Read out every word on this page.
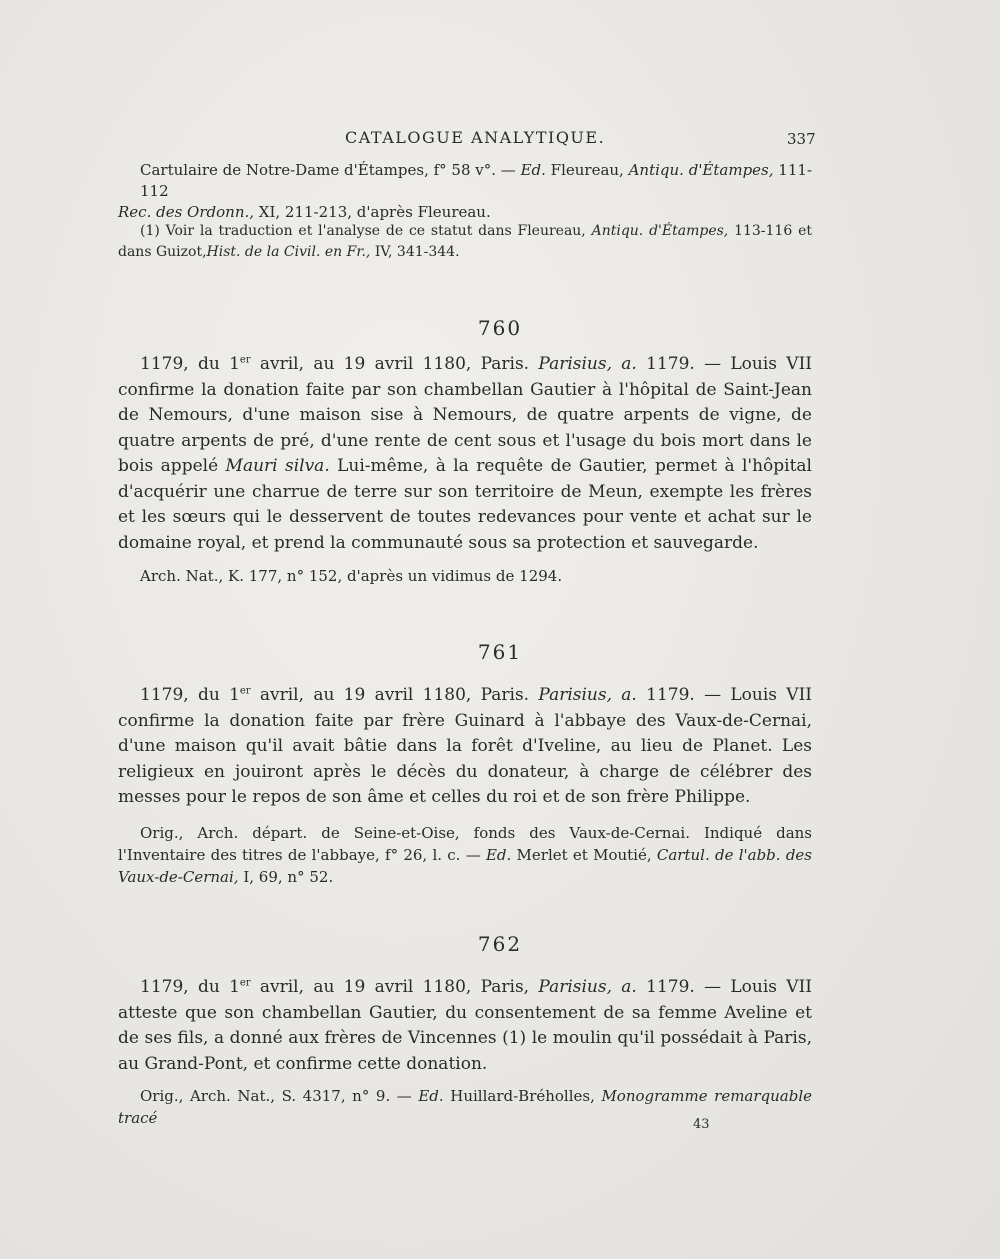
CATALOGUE ANALYTIQUE.	337
Cartulaire de Notre-Dame d'Étampes, f° 58 v°. — Ed. Fleureau, Antiqu. d'Étampes, 111-112
Rec. des Ordonn., XI, 211-213, d'après Fleureau.
(1) Voir la traduction et l'analyse de ce statut dans Fleureau, Antiqu. d'Étampes, 113-116 et dans Guizot,Hist. de la Civil. en Fr., IV, 341-344.
760
1179, du 1er avril, au 19 avril 1180, Paris. Parisius, a. 1179. — Louis VII confirme la donation faite par son chambellan Gautier à l'hôpital de Saint-Jean de Nemours, d'une maison sise à Nemours, de quatre arpents de vigne, de quatre arpents de pré, d'une rente de cent sous et l'usage du bois mort dans le bois appelé Mauri silva. Lui-même, à la requête de Gautier, permet à l'hôpital d'acquérir une charrue de terre sur son territoire de Meun, exempte les frères et les sœurs qui le desservent de toutes redevances pour vente et achat sur le domaine royal, et prend la communauté sous sa protection et sauvegarde.
Arch. Nat., K. 177, n° 152, d'après un vidimus de 1294.
761
1179, du 1er avril, au 19 avril 1180, Paris. Parisius, a. 1179. — Louis VII confirme la donation faite par frère Guinard à l'abbaye des Vaux-de-Cernai, d'une maison qu'il avait bâtie dans la forêt d'Iveline, au lieu de Planet. Les religieux en jouiront après le décès du donateur, à charge de célébrer des messes pour le repos de son âme et celles du roi et de son frère Philippe.
Orig., Arch. départ. de Seine-et-Oise, fonds des Vaux-de-Cernai. Indiqué dans l'Inventaire des titres de l'abbaye, f° 26, l. c. — Ed. Merlet et Moutié, Cartul. de l'abb. des Vaux-de-Cernai, I, 69, n° 52.
762
1179, du 1er avril, au 19 avril 1180, Paris, Parisius, a. 1179. — Louis VII atteste que son chambellan Gautier, du consentement de sa femme Aveline et de ses fils, a donné aux frères de Vincennes (1) le moulin qu'il possédait à Paris, au Grand-Pont, et confirme cette donation.
Orig., Arch. Nat., S. 4317, n° 9. — Ed. Huillard-Bréholles, Monogramme remarquable tracé	43
